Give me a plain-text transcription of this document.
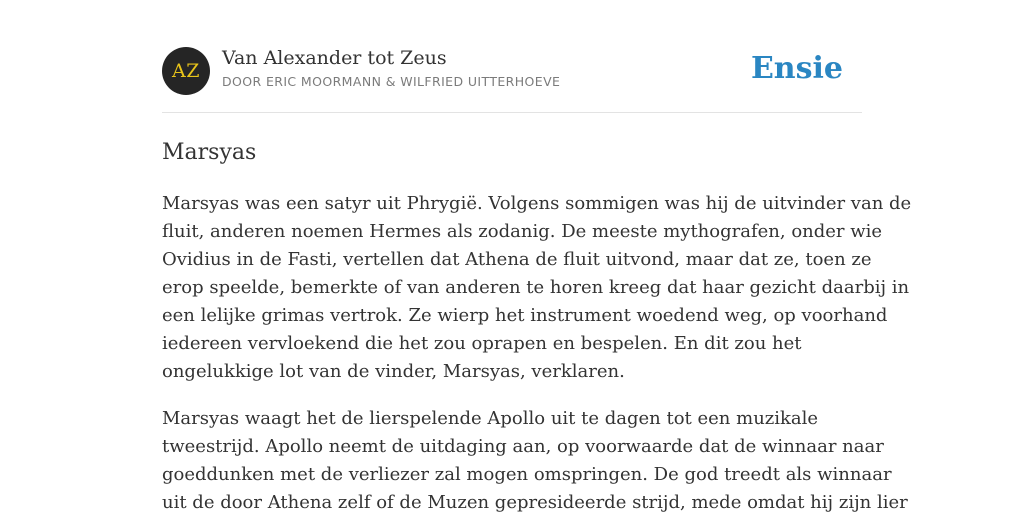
AZ
Van Alexander tot Zeus
DOOR ERIC MOORMANN & WILFRIED UITTERHOEVE	Ensie
Marsyas
Marsyas was een satyr uit Phrygië. Volgens sommigen was hij de uitvinder van de
fluit, anderen noemen Hermes als zodanig. De meeste mythografen, onder wie
Ovidius in de Fasti, vertellen dat Athena de fluit uitvond, maar dat ze, toen ze
erop speelde, bemerkte of van anderen te horen kreeg dat haar gezicht daarbij in
een lelijke grimas vertrok. Ze wierp het instrument woedend weg, op voorhand
iedereen vervloekend die het zou oprapen en bespelen. En dit zou het
ongelukkige lot van de vinder, Marsyas, verklaren.
Marsyas waagt het de lierspelende Apollo uit te dagen tot een muzikale
tweestrijd. Apollo neemt de uitdaging aan, op voorwaarde dat de winnaar naar
goeddunken met de verliezer zal mogen omspringen. De god treedt als winnaar
uit de door Athena zelf of de Muzen gepresideerde strijd, mede omdat hij zijn lier
